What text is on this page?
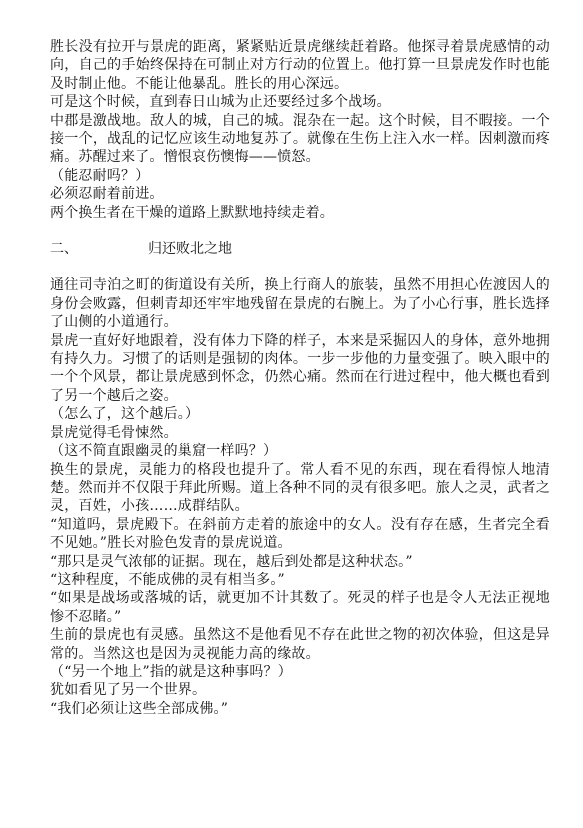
胜长没有拉开与景虎的距离，紧紧贴近景虎继续赶着路。他探寻着景虎感情的动向，自己的手始终保持在可制止对方行动的位置上。他打算一旦景虎发作时也能及时制止他。不能让他暴乱。胜长的用心深远。

可是这个时候，直到春日山城为止还要经过多个战场。

中郡是激战地。敌人的城，自己的城。混杂在一起。这个时候，目不暇接。一个接一个，战乱的记忆应该生动地复苏了。就像在生伤上注入水一样。因刺激而疼痛。苏醒过来了。憎恨哀伤懊悔——愤怒。

（能忍耐吗？）

必须忍耐着前进。

两个换生者在干燥的道路上默默地持续走着。

二、	归还败北之地

通往司寺泊之町的街道设有关所，换上行商人的旅装，虽然不用担心佐渡因人的身份会败露，但刺青却还牢牢地残留在景虎的右腕上。为了小心行事，胜长选择了山侧的小道通行。

景虎一直好好地跟着，没有体力下降的样子，本来是采掘囚人的身体，意外地拥有持久力。习惯了的话则是强韧的肉体。一步一步他的力量变强了。映入眼中的一个个风景，都让景虎感到怀念，仍然心痛。然而在行进过程中，他大概也看到了另一个越后之姿。

（怎么了，这个越后。）

景虎觉得毛骨悚然。

（这不简直跟幽灵的巢窟一样吗？）

换生的景虎，灵能力的格段也提升了。常人看不见的东西，现在看得惊人地清楚。然而并不仅限于拜此所赐。道上各种不同的灵有很多吧。旅人之灵，武者之灵，百姓，小孩……成群结队。

“知道吗，景虎殿下。在斜前方走着的旅途中的女人。没有存在感，生者完全看不见她。”胜长对脸色发青的景虎说道。

“那只是灵气浓郁的证据。现在，越后到处都是这种状态。”

“这种程度，不能成佛的灵有相当多。”

“如果是战场或落城的话，就更加不计其数了。死灵的样子也是令人无法正视地惨不忍睹。”

生前的景虎也有灵感。虽然这不是他看见不存在此世之物的初次体验，但这是异常的。当然这也是因为灵视能力高的缘故。

（“另一个地上”指的就是这种事吗？）

犹如看见了另一个世界。

“我们必须让这些全部成佛。”
